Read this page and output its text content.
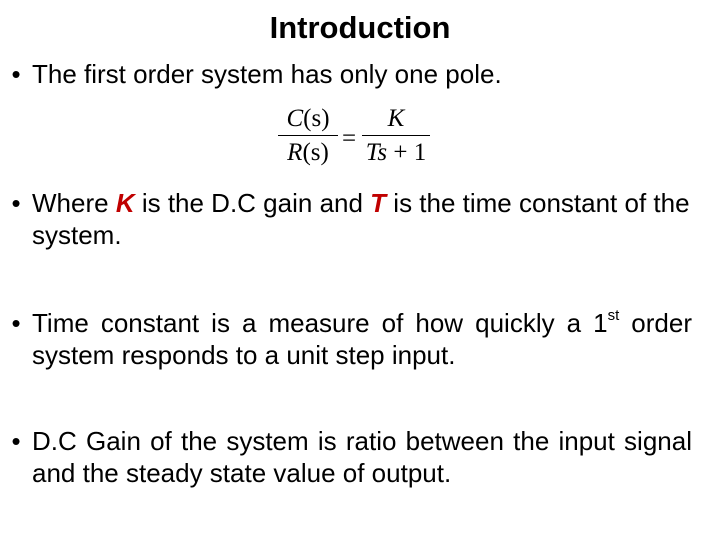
Introduction
• The first order system has only one pole.
C(s)
R(s)
=
K
Ts + 1
• Where K is the D.C gain and T is the time constant of the system.
• Time constant is a measure of how quickly a 1st order system responds to a unit step input.
• D.C Gain of the system is ratio between the input signal and the steady state value of output.
